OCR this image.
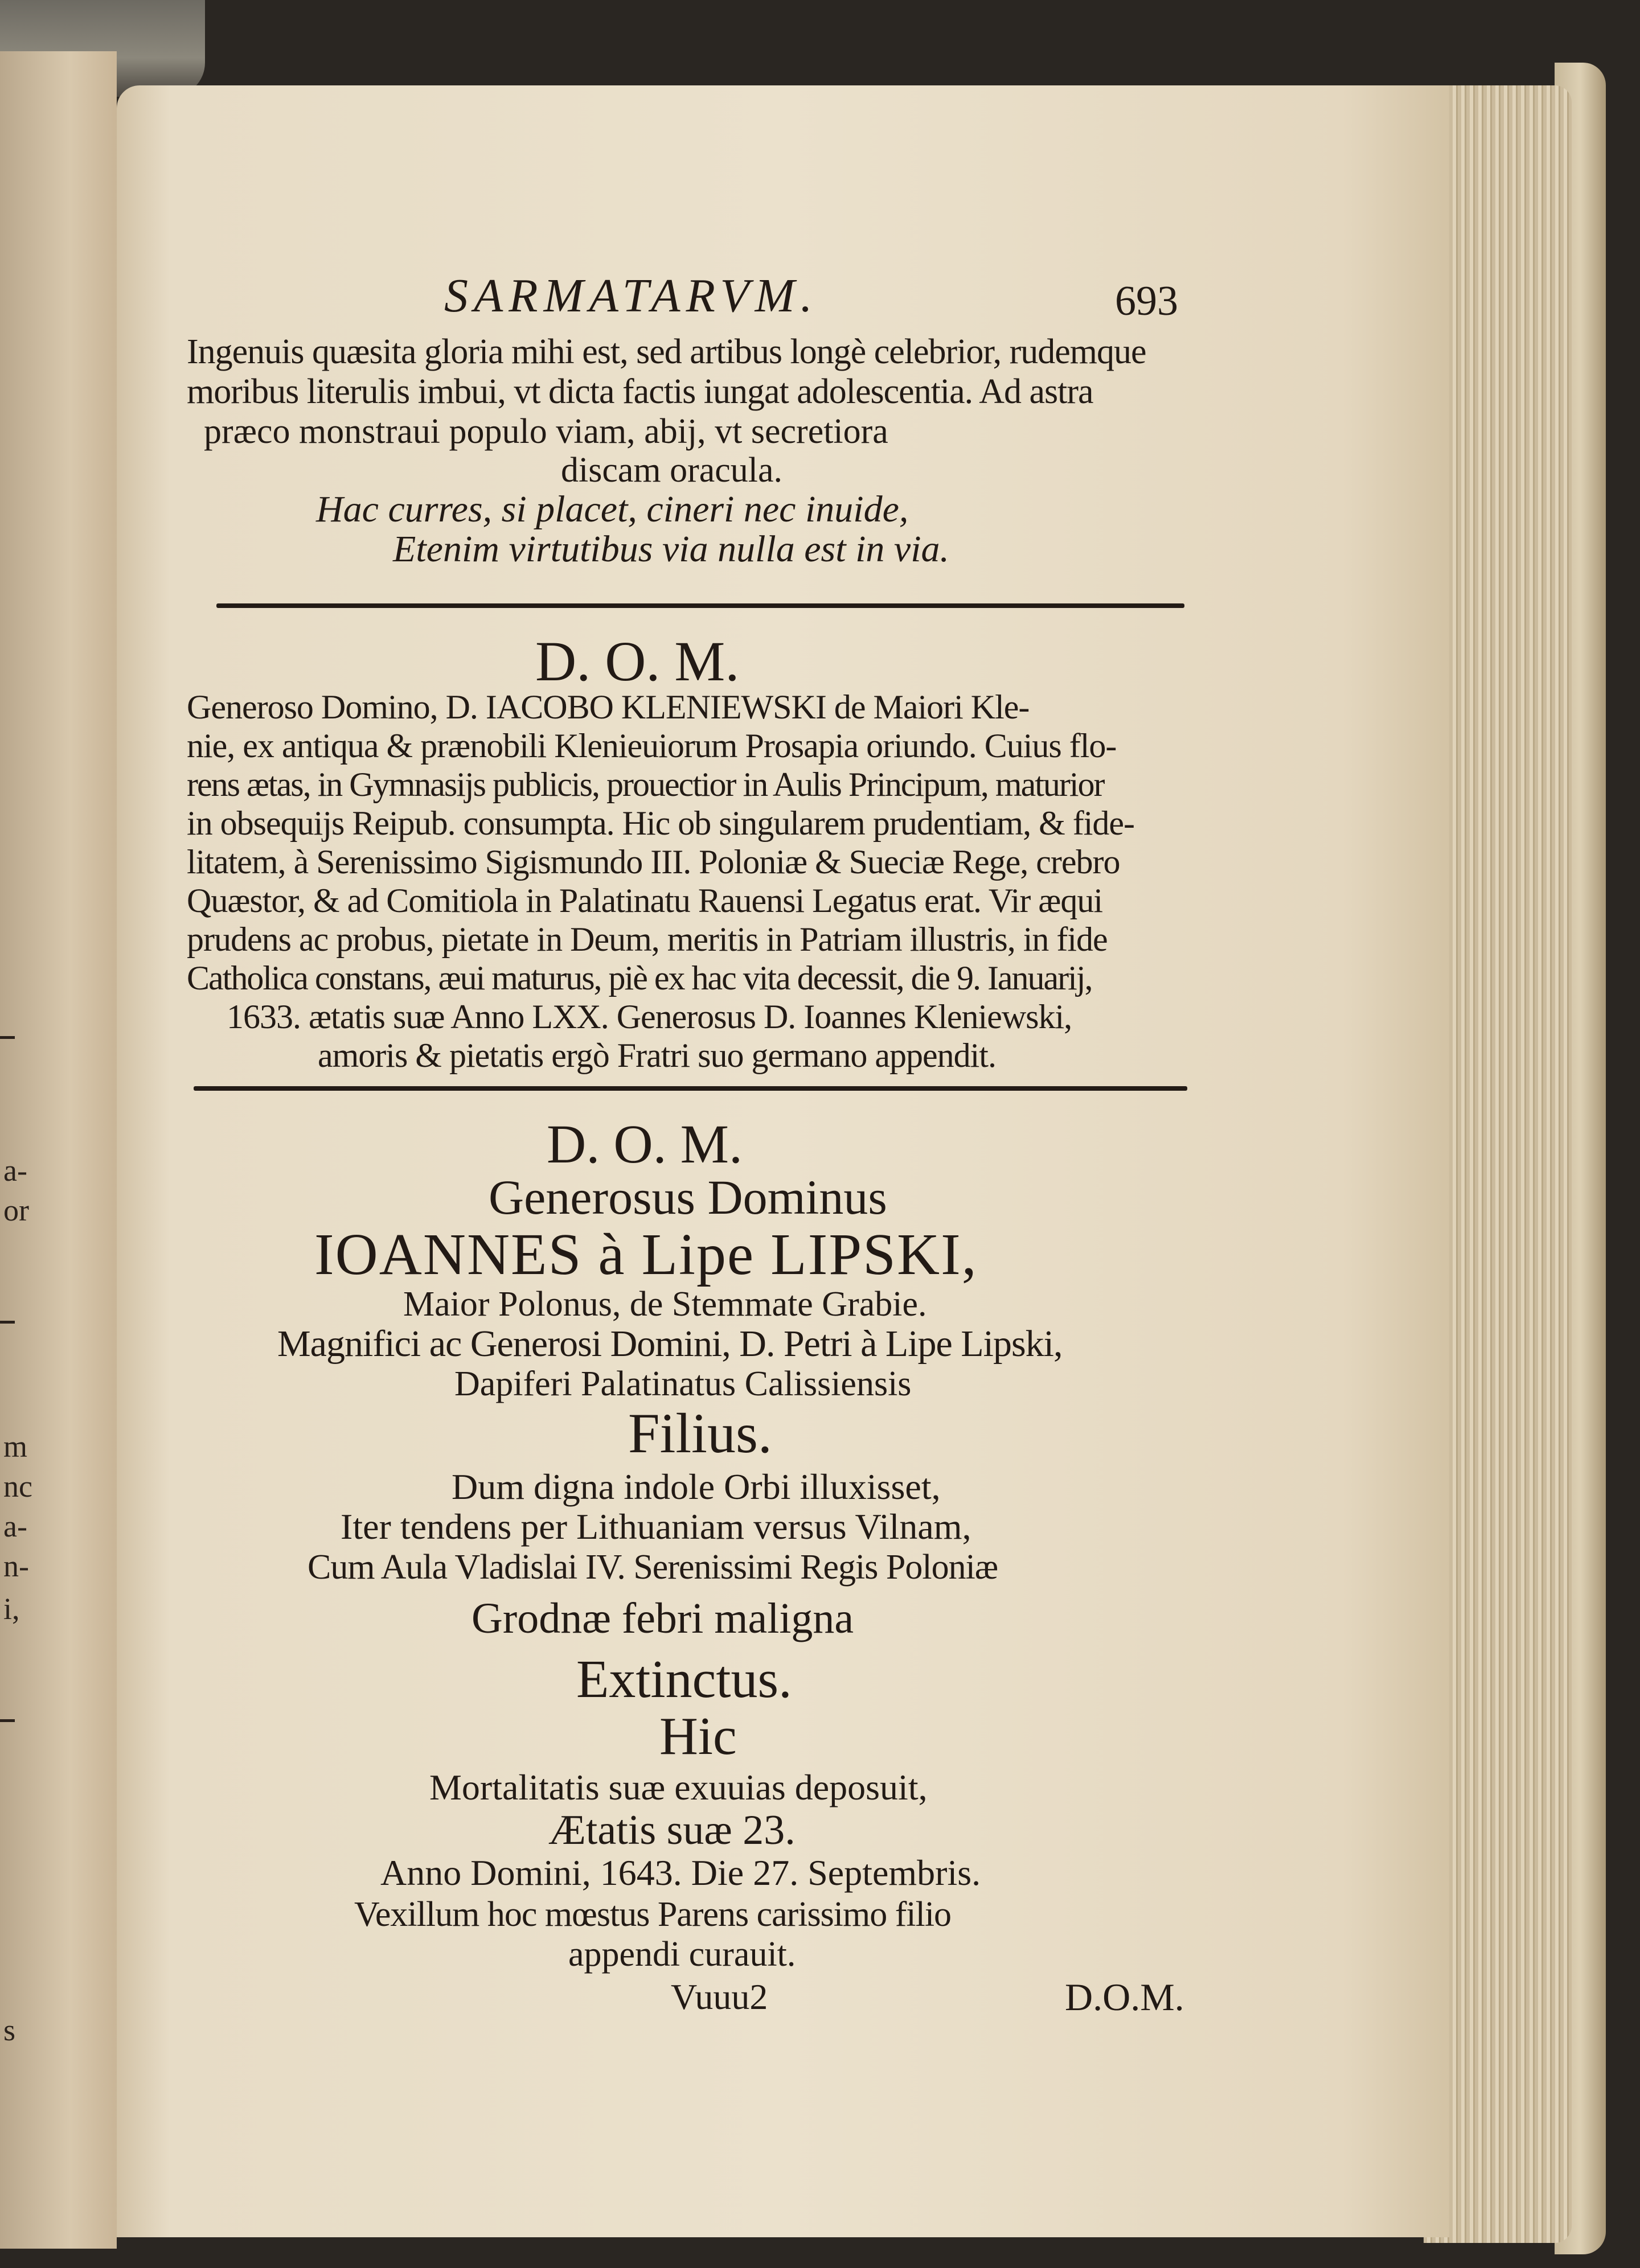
a-
or
m
nc
a-
n-
i,
s
SARMATARVM.	693
Ingenuis quæsita gloria mihi est, sed artibus longè celebrior, rudemque
moribus literulis imbui, vt dicta factis iungat adolescentia. Ad astra
præco monstraui populo viam, abij, vt secretiora
discam oracula.
Hac curres, si placet, cineri nec inuide,
Etenim virtutibus via nulla est in via.
D. O. M.
Generoso Domino, D. IACOBO KLENIEWSKI de Maiori Kle-
nie, ex antiqua & prænobili Klenieuiorum Prosapia oriundo. Cuius flo-
rens ætas, in Gymnasijs publicis, prouectior in Aulis Principum, maturior
in obsequijs Reipub. consumpta. Hic ob singularem prudentiam, & fide-
litatem, à Serenissimo Sigismundo III. Poloniæ & Sueciæ Rege, crebro
Quæstor, & ad Comitiola in Palatinatu Rauensi Legatus erat. Vir æqui
prudens ac probus, pietate in Deum, meritis in Patriam illustris, in fide
Catholica constans, æui maturus, piè ex hac vita decessit, die 9. Ianuarij,
1633. ætatis suæ Anno LXX. Generosus D. Ioannes Kleniewski,
amoris & pietatis ergò Fratri suo germano appendit.
D. O. M.
Generosus Dominus
IOANNES à Lipe LIPSKI,
Maior Polonus, de Stemmate Grabie.
Magnifici ac Generosi Domini, D. Petri à Lipe Lipski,
Dapiferi Palatinatus Calissiensis
Filius.
Dum digna indole Orbi illuxisset,
Iter tendens per Lithuaniam versus Vilnam,
Cum Aula Vladislai IV. Serenissimi Regis Poloniæ
Grodnæ febri maligna
Extinctus.
Hic
Mortalitatis suæ exuuias deposuit,
Ætatis suæ 23.
Anno Domini, 1643. Die 27. Septembris.
Vexillum hoc mœstus Parens carissimo filio
appendi curauit.
Vuuu2	D.O.M.
